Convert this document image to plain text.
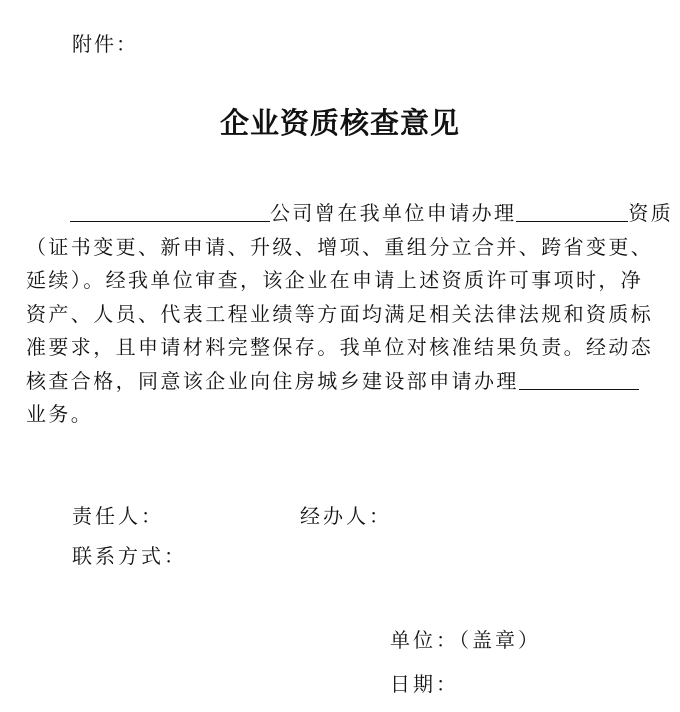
附件：
企业资质核查意见
公司曾在我单位申请办理	资质
（证书变更、新申请、升级、增项、重组分立合并、跨省变更、
延续）。经我单位审查，该企业在申请上述资质许可事项时，净
资产、人员、代表工程业绩等方面均满足相关法律法规和资质标
准要求，且申请材料完整保存。我单位对核准结果负责。经动态
核查合格，同意该企业向住房城乡建设部申请办理
业务。
责任人：	经办人：
联系方式：
单位：（盖章）
日期：
